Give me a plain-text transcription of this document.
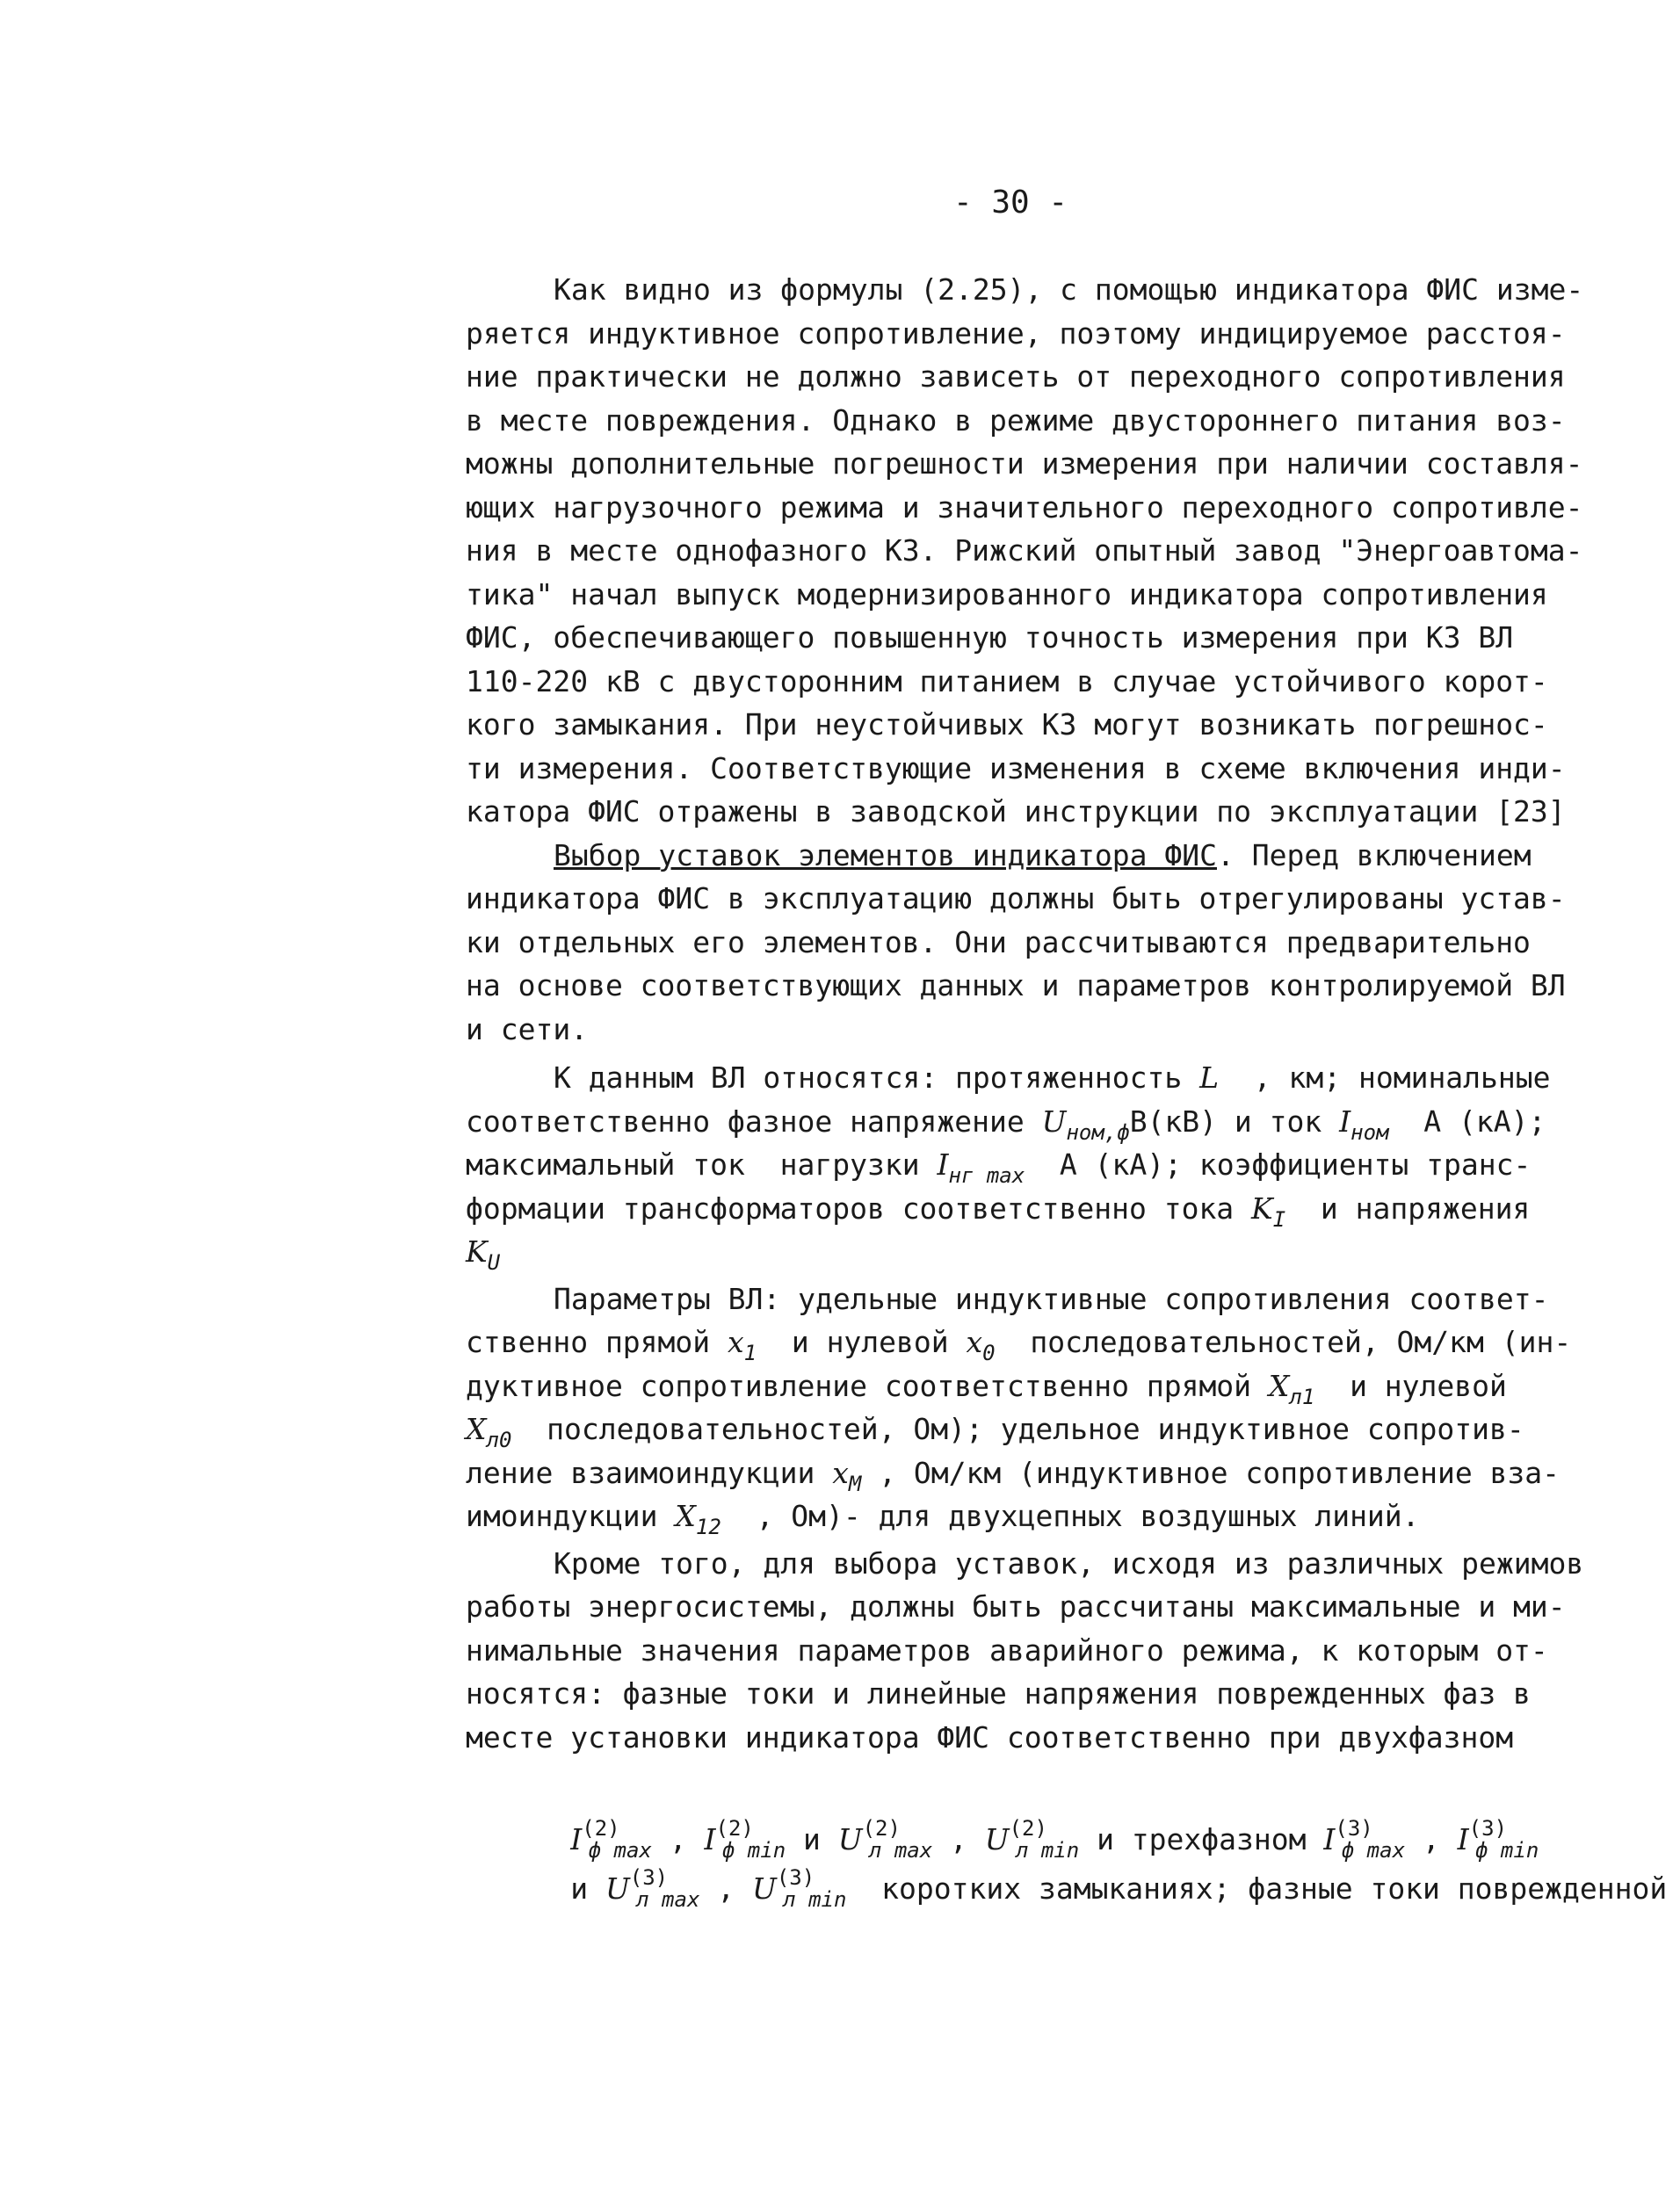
- 30 -
Как видно из формулы (2.25), с помощью индикатора ФИС изме-
ряется индуктивное сопротивление, поэтому индицируемое расстоя-
ние практически не должно зависеть от переходного сопротивления
в месте повреждения. Однако в режиме двустороннего питания воз-
можны дополнительные погрешности измерения при наличии составля-
ющих нагрузочного режима и значительного переходного сопротивле-
ния в месте однофазного КЗ. Рижский опытный завод "Энергоавтома-
тика" начал выпуск модернизированного индикатора сопротивления
ФИС, обеспечивающего повышенную точность измерения при КЗ ВЛ
110-220 кВ с двусторонним питанием в случае устойчивого корот-
кого замыкания. При неустойчивых КЗ могут возникать погрешнос-
ти измерения. Соответствующие изменения в схеме включения инди-
катора ФИС отражены в заводской инструкции по эксплуатации [23]
Выбор уставок элементов индикатора ФИС. Перед включением
индикатора ФИС в эксплуатацию должны быть отрегулированы устав-
ки отдельных его элементов. Они рассчитываются предварительно
на основе соответствующих данных и параметров контролируемой ВЛ
и сети.
К данным ВЛ относятся: протяженность L  , км; номинальные
соответственно фазное напряжение $U_{ном,ф}В(кВ)$ и ток $I_{ном}$  А (кА);
максимальный ток  нагрузки $I_{нг max}$  А (кА); коэффициенты транс-
формации трансформаторов соответственно тока $K_I$  и напряжения
$K_U$
Параметры ВЛ: удельные индуктивные сопротивления соответ-
ственно прямой $x_1$  и нулевой $x_0$  последовательностей, Ом/км (ин-
дуктивное сопротивление соответственно прямой $X_{л1}$  и нулевой
$X_{л0}$  последовательностей, Ом); удельное индуктивное сопротив-
ление взаимоиндукции $x_M$ , Ом/км (индуктивное сопротивление вза-
имоиндукции $X_{12}$  , Ом)- для двухцепных воздушных линий.
Кроме того, для выбора уставок, исходя из различных режимов
работы энергосистемы, должны быть рассчитаны максимальные и ми-
нимальные значения параметров аварийного режима, к которым от-
носятся: фазные токи и линейные напряжения поврежденных фаз в
месте установки индикатора ФИС соответственно при двухфазном

$I^{(2)}_{ф max}$ , $I^{(2)}_{ф min}$ и $U^{(2)}_{л max}$ , $U^{(2)}_{л min}$ и трехфазном $I^{(3)}_{ф max}$ , $I^{(3)}_{ф min}$

и $U^{(3)}_{л max}$ , $U^{(3)}_{л min}$  коротких замыканиях; фазные токи поврежденной
